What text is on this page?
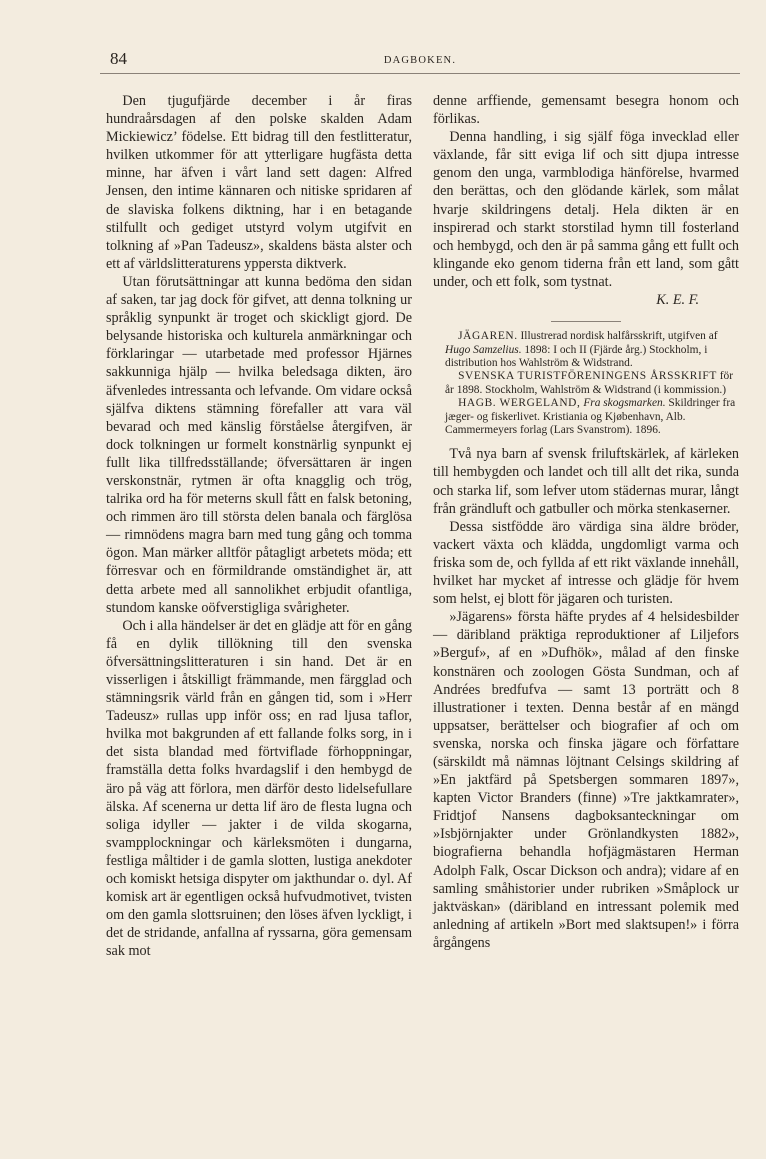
84	DAGBOKEN.

Den tjugufjärde december i år firas hundraårsdagen af den polske skalden Adam Mickiewicz’ födelse. Ett bidrag till den festlitteratur, hvilken utkommer för att ytterligare hugfästa detta minne, har äfven i vårt land sett dagen: Alfred Jensen, den intime kännaren och nitiske spridaren af de slaviska folkens diktning, har i en betagande stilfullt och gediget utstyrd volym utgifvit en tolkning af »Pan Tadeusz», skaldens bästa alster och ett af världslitteraturens yppersta diktverk.

Utan förutsättningar att kunna bedöma den sidan af saken, tar jag dock för gifvet, att denna tolkning ur språklig synpunkt är troget och skickligt gjord. De belysande historiska och kulturela anmärkningar och förklaringar — utarbetade med professor Hjärnes sakkunniga hjälp — hvilka beledsaga dikten, äro äfvenledes intressanta och lefvande. Om vidare också själfva diktens stämning förefaller att vara väl bevarad och med känslig förståelse återgifven, är dock tolkningen ur formelt konstnärlig synpunkt ej fullt lika tillfredsställande; öfversättaren är ingen verskonstnär, rytmen är ofta knagglig och trög, talrika ord ha för meterns skull fått en falsk betoning, och rimmen äro till största delen banala och färglösa — rimnödens magra barn med tung gång och tomma ögon. Man märker alltför påtagligt arbetets möda; ett förresvar och en förmildrande omständighet är, att detta arbete med all sannolikhet erbjudit ofantliga, stundom kanske oöfverstigliga svårigheter.

Och i alla händelser är det en glädje att för en gång få en dylik tillökning till den svenska öfversättningslitteraturen i sin hand. Det är en visserligen i åtskilligt främmande, men färgglad och stämningsrik värld från en gången tid, som i »Herr Tadeusz» rullas upp inför oss; en rad ljusa taflor, hvilka mot bakgrunden af ett fallande folks sorg, in i det sista blandad med förtviflade förhoppningar, framställa detta folks hvardagslif i den hembygd de äro på väg att förlora, men därför desto lidelsefullare älska. Af scenerna ur detta lif äro de flesta lugna och soliga idyller — jakter i de vilda skogarna, svampplockningar och kärleksmöten i dungarna, festliga måltider i de gamla slotten, lustiga anekdoter och komiskt hetsiga dispyter om jakthundar o. dyl. Af komisk art är egentligen också hufvudmotivet, tvisten om den gamla slottsruinen; den löses äfven lyckligt, i det de stridande, anfallna af ryssarna, göra gemensam sak mot

denne arffiende, gemensamt besegra honom och förlikas.

Denna handling, i sig själf föga invecklad eller växlande, får sitt eviga lif och sitt djupa intresse genom den unga, varmblodiga hänförelse, hvarmed den berättas, och den glödande kärlek, som målat hvarje skildringens detalj. Hela dikten är en inspirerad och starkt storstilad hymn till fosterland och hembygd, och den är på samma gång ett fullt och klingande eko genom tiderna från ett land, som gått under, och ett folk, som tystnat.

K. E. F.

JÄGAREN. Illustrerad nordisk halfårsskrift, utgifven af Hugo Samzelius. 1898: I och II (Fjärde årg.) Stockholm, i distribution hos Wahlström & Widstrand.

SVENSKA TURISTFÖRENINGENS ÅRSSKRIFT för år 1898. Stockholm, Wahlström & Widstrand (i kommission.)

HAGB. WERGELAND, Fra skogsmarken. Skildringer fra jæger- og fiskerlivet. Kristiania og Kjøbenhavn, Alb. Cammermeyers forlag (Lars Svanstrom). 1896.

Två nya barn af svensk friluftskärlek, af kärleken till hembygden och landet och till allt det rika, sunda och starka lif, som lefver utom städernas murar, långt från grändluft och gatbuller och mörka stenkaserner.

Dessa sistfödde äro värdiga sina äldre bröder, vackert växta och klädda, ungdomligt varma och friska som de, och fyllda af ett rikt växlande innehåll, hvilket har mycket af intresse och glädje för hvem som helst, ej blott för jägaren och turisten.

»Jägarens» första häfte prydes af 4 helsidesbilder — däribland präktiga reproduktioner af Liljefors »Berguf», af en »Dufhök», målad af den finske konstnären och zoologen Gösta Sundman, och af Andrées bredfufva — samt 13 porträtt och 8 illustrationer i texten. Denna består af en mängd uppsatser, berättelser och biografier af och om svenska, norska och finska jägare och författare (särskildt må nämnas löjtnant Celsings skildring af »En jaktfärd på Spetsbergen sommaren 1897», kapten Victor Branders (finne) »Tre jaktkamrater», Fridtjof Nansens dagboksanteckningar om »Isbjörnjakter under Grönlandkysten 1882», biografierna behandla hofjägmästaren Herman Adolph Falk, Oscar Dickson och andra); vidare af en samling småhistorier under rubriken »Småplock ur jaktväskan» (däribland en intressant polemik med anledning af artikeln »Bort med slaktsupen!» i förra årgångens
